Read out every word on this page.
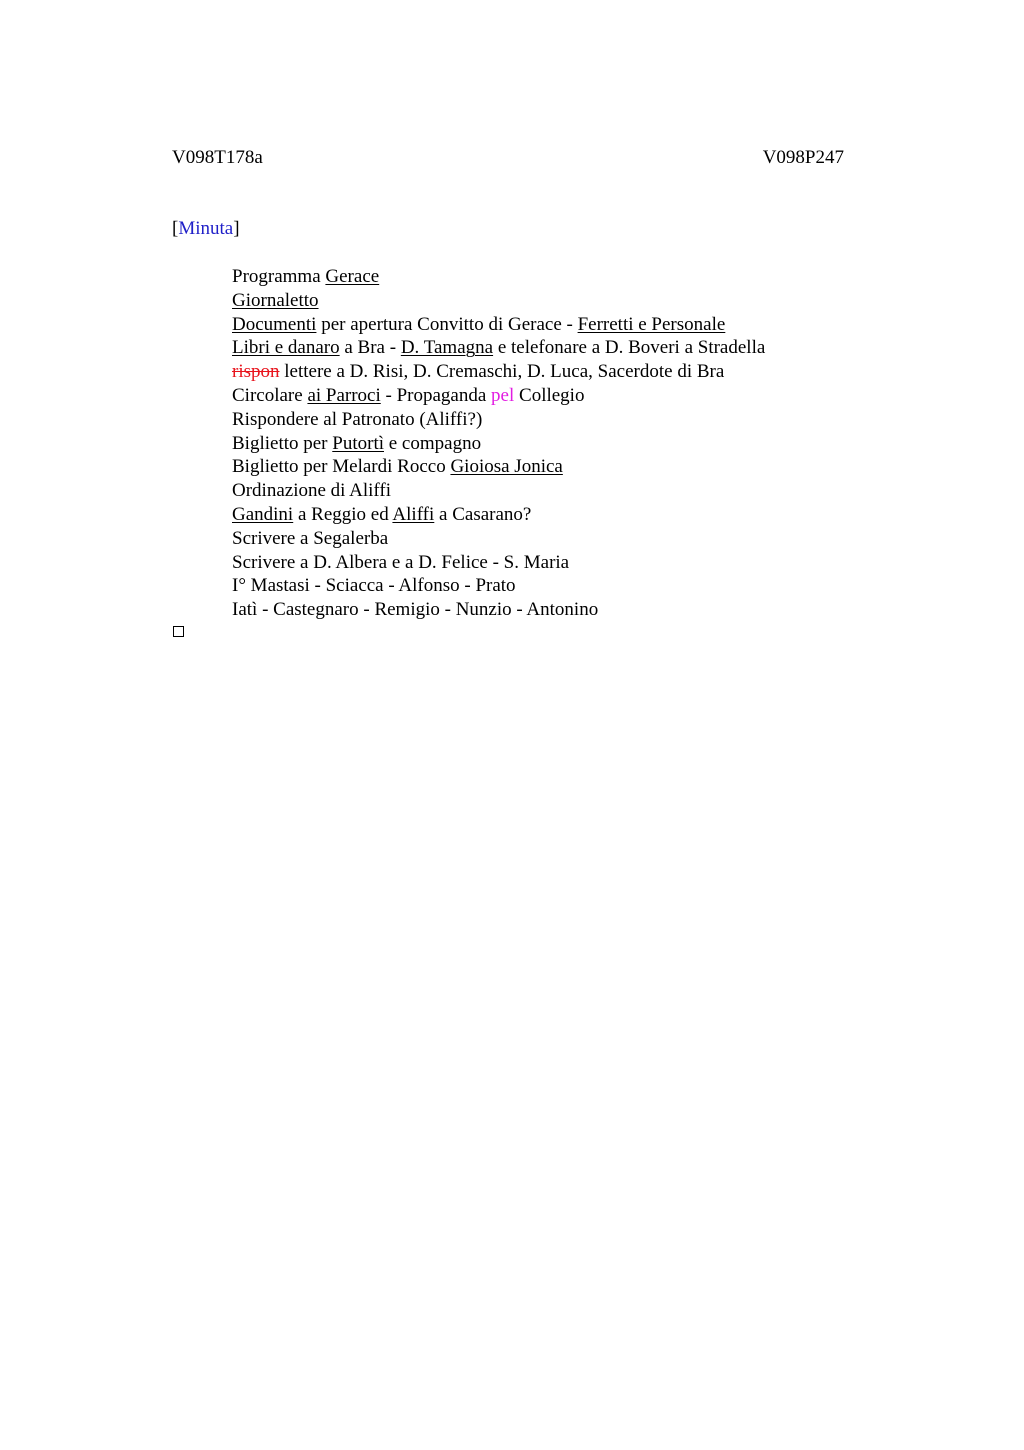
V098T178a	V098P247
[Minuta]
Programma Gerace
Giornaletto
Documenti per apertura Convitto di Gerace - Ferretti e Personale
Libri e danaro a Bra - D. Tamagna e telefonare a D. Boveri a Stradella
rispon lettere a D. Risi, D. Cremaschi, D. Luca, Sacerdote di Bra
Circolare ai Parroci - Propaganda pel Collegio
Rispondere al Patronato (Aliffi?)
Biglietto per Putortì e compagno
Biglietto per Melardi Rocco Gioiosa Jonica
Ordinazione di Aliffi
Gandini a Reggio ed Aliffi a Casarano?
Scrivere a Segalerba
Scrivere a D. Albera e a D. Felice - S. Maria
I° Mastasi - Sciacca - Alfonso - Prato
Iatì - Castegnaro - Remigio - Nunzio - Antonino
